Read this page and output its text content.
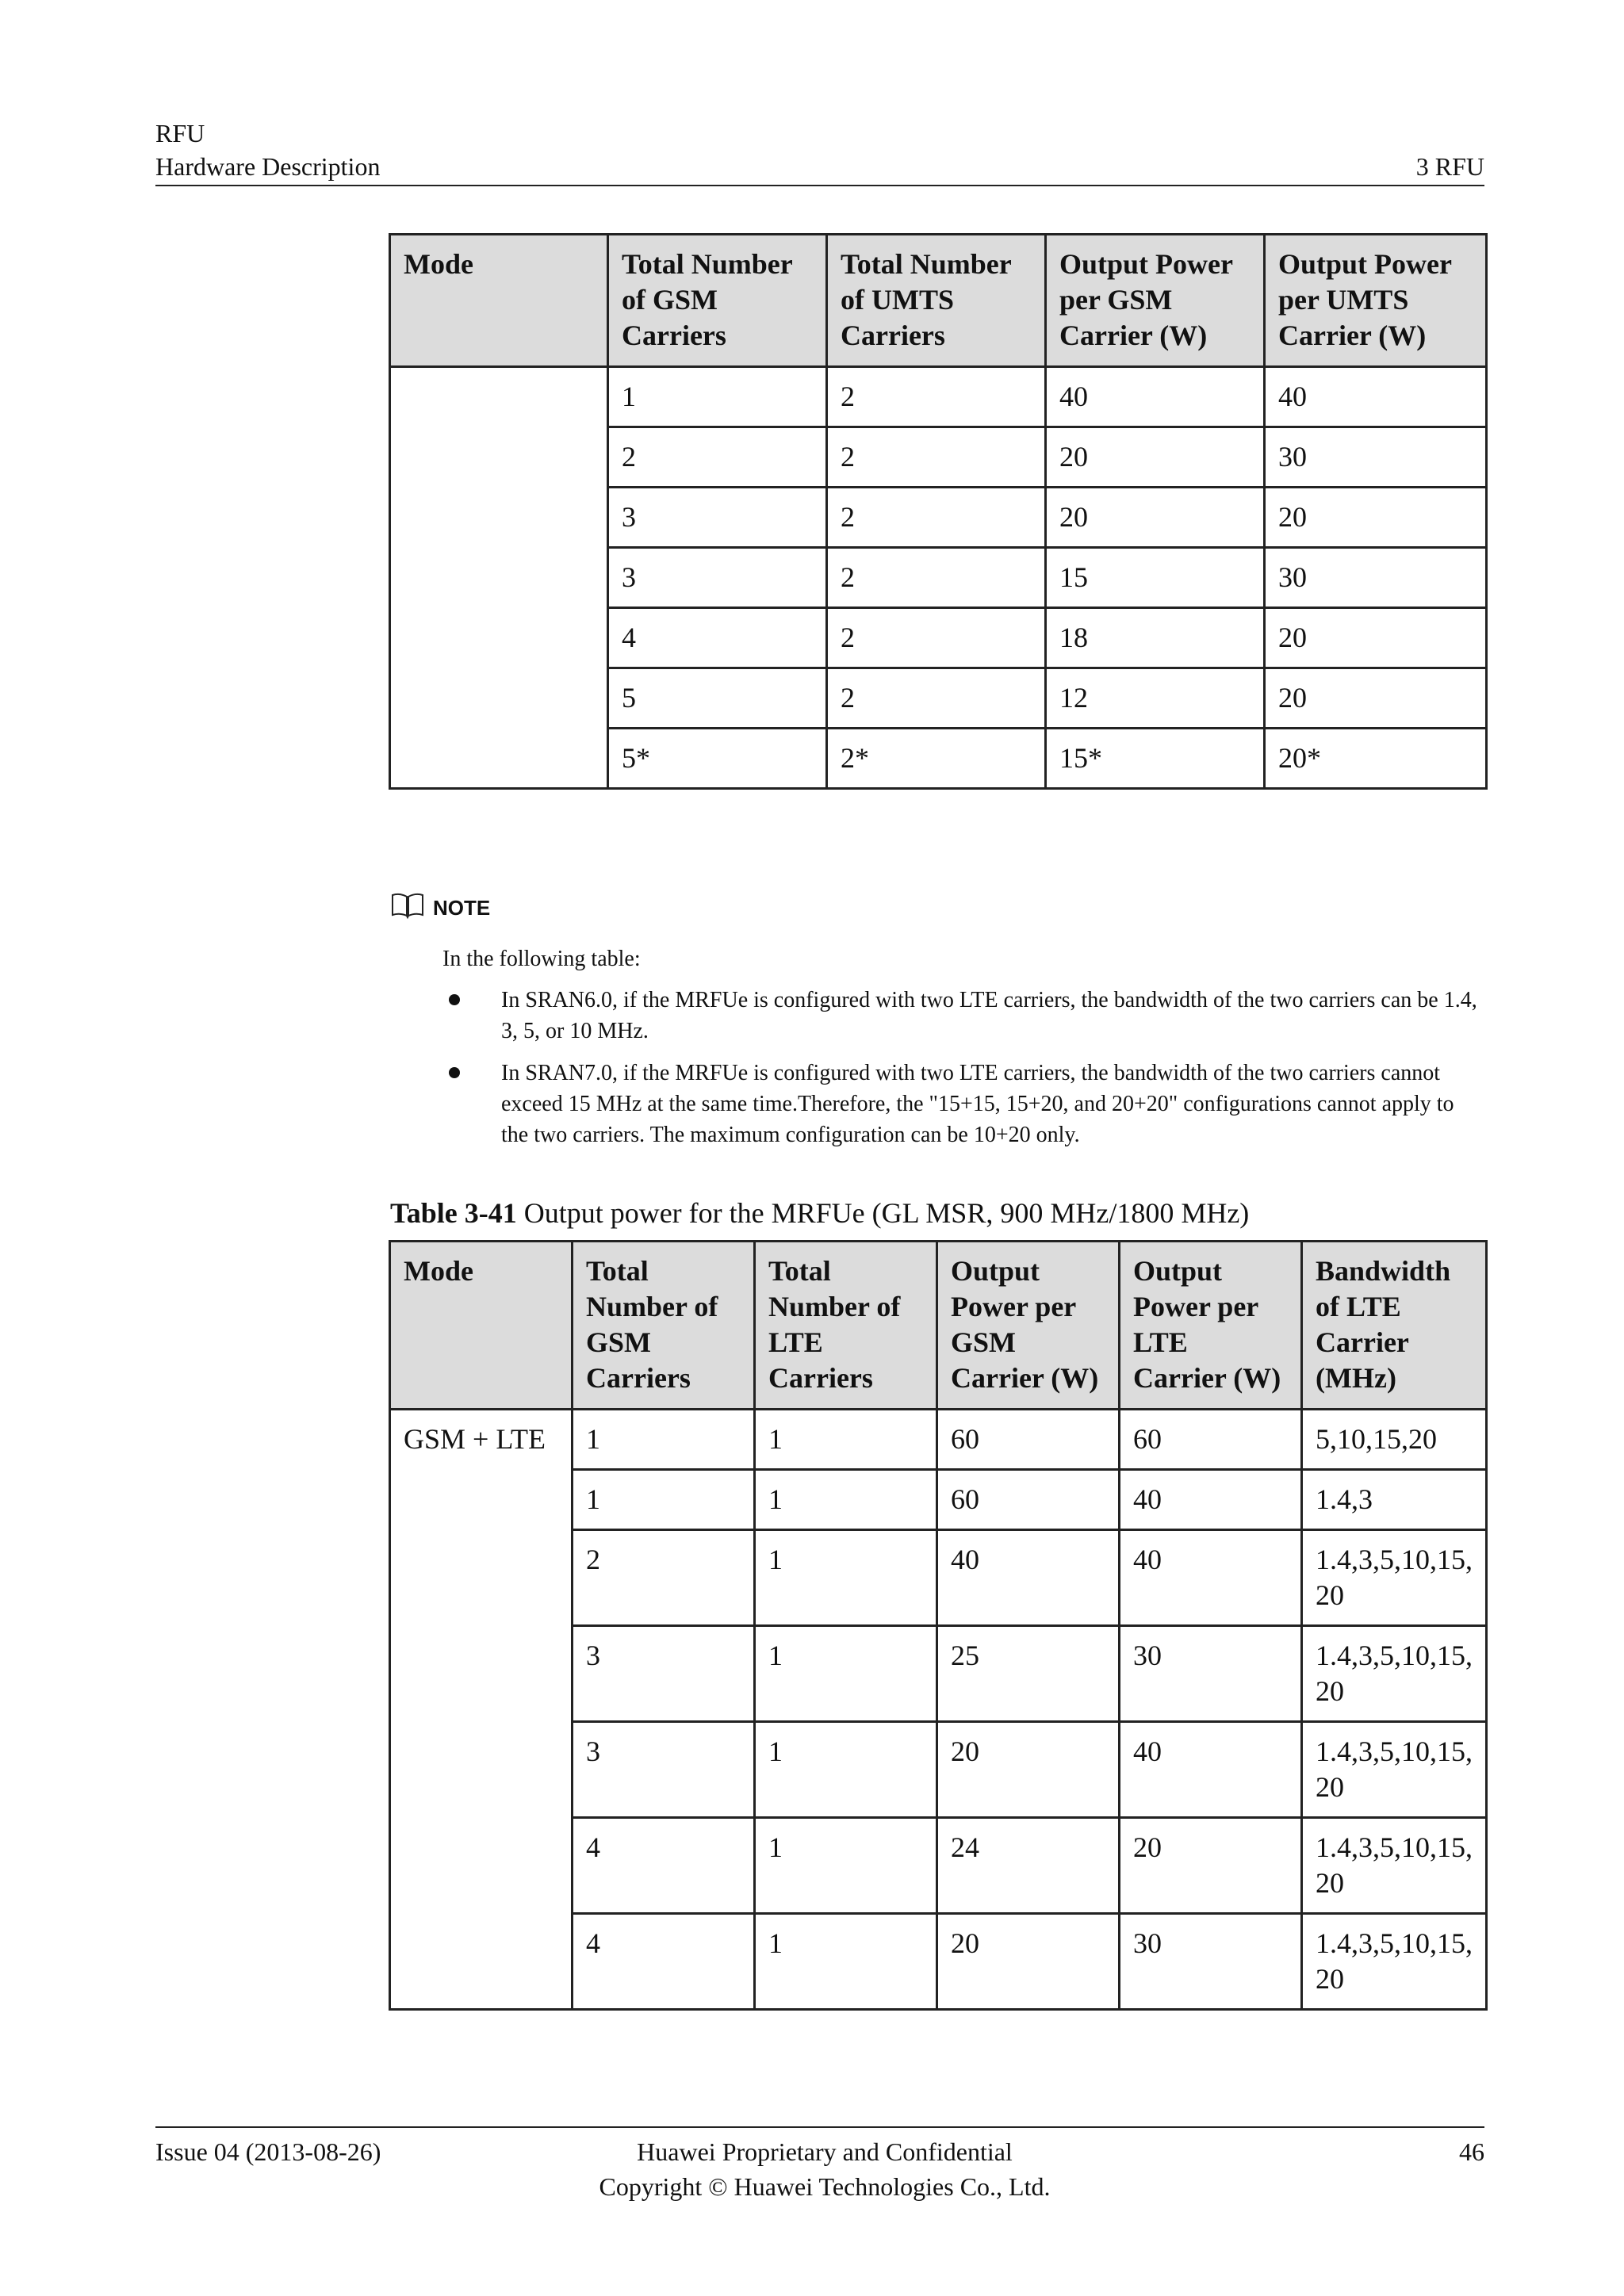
RFU
Hardware Description	3 RFU
Mode	Total Number of GSM Carriers	Total Number of UMTS Carriers	Output Power per GSM Carrier (W)	Output Power per UMTS Carrier (W)
	1	2	40	40
	2	2	20	30
	3	2	20	20
	3	2	15	30
	4	2	18	20
	5	2	12	20
	5*	2*	15*	20*
NOTE
In the following table:
In SRAN6.0, if the MRFUe is configured with two LTE carriers, the bandwidth of the two carriers can be 1.4, 3, 5, or 10 MHz.
In SRAN7.0, if the MRFUe is configured with two LTE carriers, the bandwidth of the two carriers cannot exceed 15 MHz at the same time.Therefore, the "15+15, 15+20, and 20+20" configurations cannot apply to the two carriers. The maximum configuration can be 10+20 only.
Table 3-41 Output power for the MRFUe (GL MSR, 900 MHz/1800 MHz)
Mode	Total Number of GSM Carriers	Total Number of LTE Carriers	Output Power per GSM Carrier (W)	Output Power per LTE Carrier (W)	Bandwidth of LTE Carrier (MHz)
GSM + LTE	1	1	60	60	5,10,15,20
	1	1	60	40	1.4,3
	2	1	40	40	1.4,3,5,10,15,20
	3	1	25	30	1.4,3,5,10,15,20
	3	1	20	40	1.4,3,5,10,15,20
	4	1	24	20	1.4,3,5,10,15,20
	4	1	20	30	1.4,3,5,10,15,20
Issue 04 (2013-08-26)	Huawei Proprietary and Confidential
Copyright © Huawei Technologies Co., Ltd.
46
